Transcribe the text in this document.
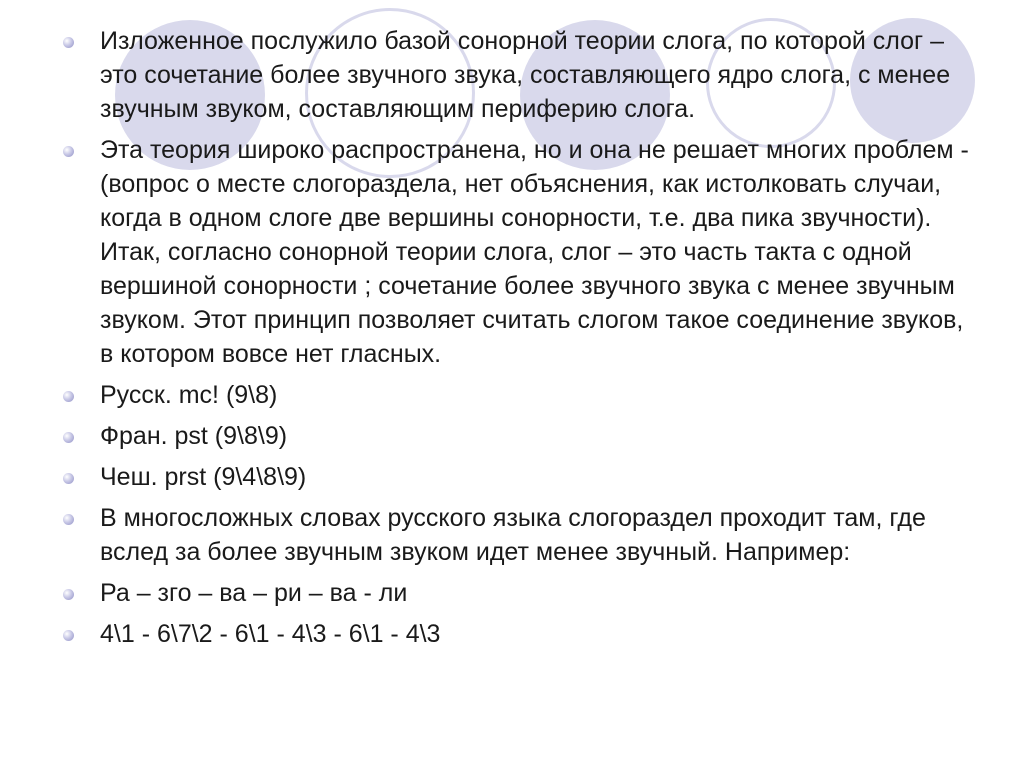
Изложенное послужило базой сонорной теории слога, по которой слог – это сочетание более звучного звука, составляющего ядро слога, с менее звучным звуком, составляющим периферию слога.
Эта теория широко распространена, но и она не решает многих проблем - (вопрос о месте слогораздела, нет объяснения, как истолковать случаи, когда в одном слоге две вершины сонорности, т.е. два пика звучности). Итак, согласно сонорной теории слога, слог – это часть такта с одной вершиной сонорности ; сочетание более звучного звука с менее звучным звуком. Этот принцип позволяет считать слогом такое соединение звуков, в котором вовсе нет гласных.
Русск. mc! (9\8)
Фран. pst (9\8\9)
Чеш. prst (9\4\8\9)
В многосложных словах русского языка слогораздел проходит там, где вслед за более звучным звуком идет менее звучный. Например:
Ра – зго – ва – ри – ва - ли
4\1 - 6\7\2 - 6\1 - 4\3 - 6\1 - 4\3
